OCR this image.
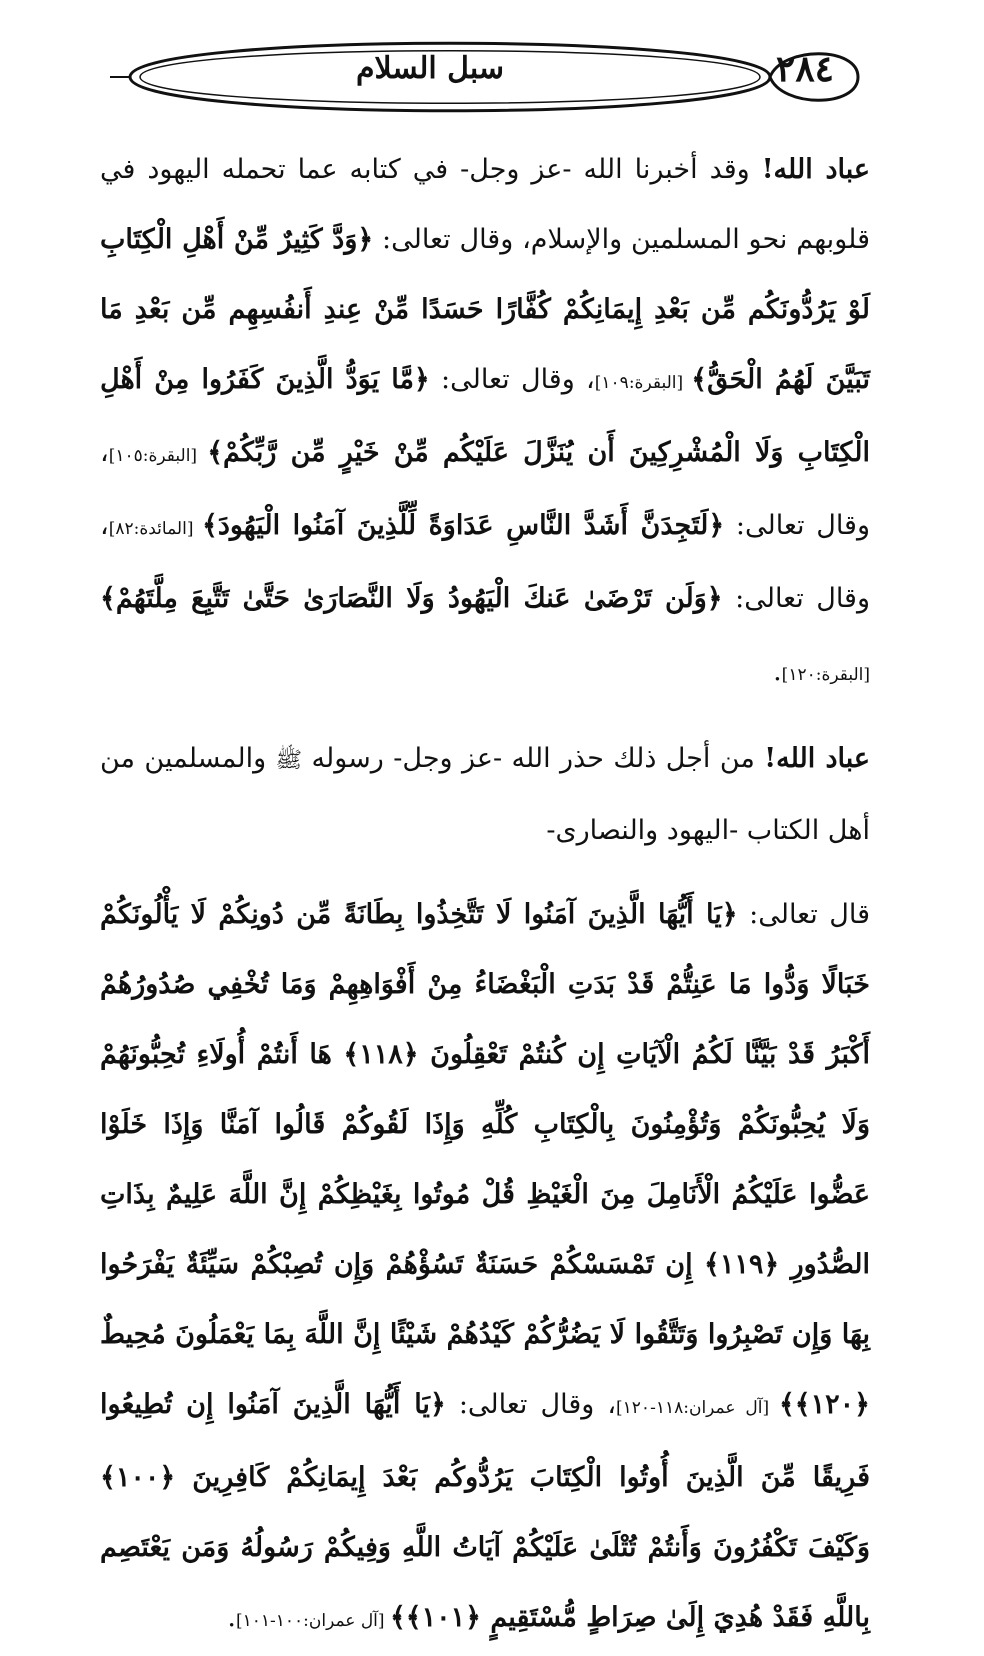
سبل السلام	٢٨٤

عباد الله! وقد أخبرنا الله -عز وجل- في كتابه عما تحمله اليهود في قلوبهم نحو المسلمين والإسلام، وقال تعالى: ﴿وَدَّ كَثِيرٌ مِّنْ أَهْلِ الْكِتَابِ لَوْ يَرُدُّونَكُم مِّن بَعْدِ إِيمَانِكُمْ كُفَّارًا حَسَدًا مِّنْ عِندِ أَنفُسِهِم مِّن بَعْدِ مَا تَبَيَّنَ لَهُمُ الْحَقُّ﴾ [البقرة:١٠٩]، وقال تعالى: ﴿مَّا يَوَدُّ الَّذِينَ كَفَرُوا مِنْ أَهْلِ الْكِتَابِ وَلَا الْمُشْرِكِينَ أَن يُنَزَّلَ عَلَيْكُم مِّنْ خَيْرٍ مِّن رَّبِّكُمْ﴾ [البقرة:١٠٥]، وقال تعالى: ﴿لَتَجِدَنَّ أَشَدَّ النَّاسِ عَدَاوَةً لِّلَّذِينَ آمَنُوا الْيَهُودَ﴾ [المائدة:٨٢]، وقال تعالى: ﴿وَلَن تَرْضَىٰ عَنكَ الْيَهُودُ وَلَا النَّصَارَىٰ حَتَّىٰ تَتَّبِعَ مِلَّتَهُمْ﴾ [البقرة:١٢٠].

عباد الله! من أجل ذلك حذر الله -عز وجل- رسوله ﷺ والمسلمين من أهل الكتاب -اليهود والنصارى-

قال تعالى: ﴿يَا أَيُّهَا الَّذِينَ آمَنُوا لَا تَتَّخِذُوا بِطَانَةً مِّن دُونِكُمْ لَا يَأْلُونَكُمْ خَبَالًا وَدُّوا مَا عَنِتُّمْ قَدْ بَدَتِ الْبَغْضَاءُ مِنْ أَفْوَاهِهِمْ وَمَا تُخْفِي صُدُورُهُمْ أَكْبَرُ قَدْ بَيَّنَّا لَكُمُ الْآيَاتِ إِن كُنتُمْ تَعْقِلُونَ ﴿١١٨﴾ هَا أَنتُمْ أُولَاءِ تُحِبُّونَهُمْ وَلَا يُحِبُّونَكُمْ وَتُؤْمِنُونَ بِالْكِتَابِ كُلِّهِ وَإِذَا لَقُوكُمْ قَالُوا آمَنَّا وَإِذَا خَلَوْا عَضُّوا عَلَيْكُمُ الْأَنَامِلَ مِنَ الْغَيْظِ قُلْ مُوتُوا بِغَيْظِكُمْ إِنَّ اللَّهَ عَلِيمٌ بِذَاتِ الصُّدُورِ ﴿١١٩﴾ إِن تَمْسَسْكُمْ حَسَنَةٌ تَسُؤْهُمْ وَإِن تُصِبْكُمْ سَيِّئَةٌ يَفْرَحُوا بِهَا وَإِن تَصْبِرُوا وَتَتَّقُوا لَا يَضُرُّكُمْ كَيْدُهُمْ شَيْئًا إِنَّ اللَّهَ بِمَا يَعْمَلُونَ مُحِيطٌ ﴿١٢٠﴾﴾ [آل عمران:١١٨-١٢٠]، وقال تعالى: ﴿يَا أَيُّهَا الَّذِينَ آمَنُوا إِن تُطِيعُوا فَرِيقًا مِّنَ الَّذِينَ أُوتُوا الْكِتَابَ يَرُدُّوكُم بَعْدَ إِيمَانِكُمْ كَافِرِينَ ﴿١٠٠﴾ وَكَيْفَ تَكْفُرُونَ وَأَنتُمْ تُتْلَىٰ عَلَيْكُمْ آيَاتُ اللَّهِ وَفِيكُمْ رَسُولُهُ وَمَن يَعْتَصِم بِاللَّهِ فَقَدْ هُدِيَ إِلَىٰ صِرَاطٍ مُّسْتَقِيمٍ ﴿١٠١﴾﴾ [آل عمران:١٠٠-١٠١].
